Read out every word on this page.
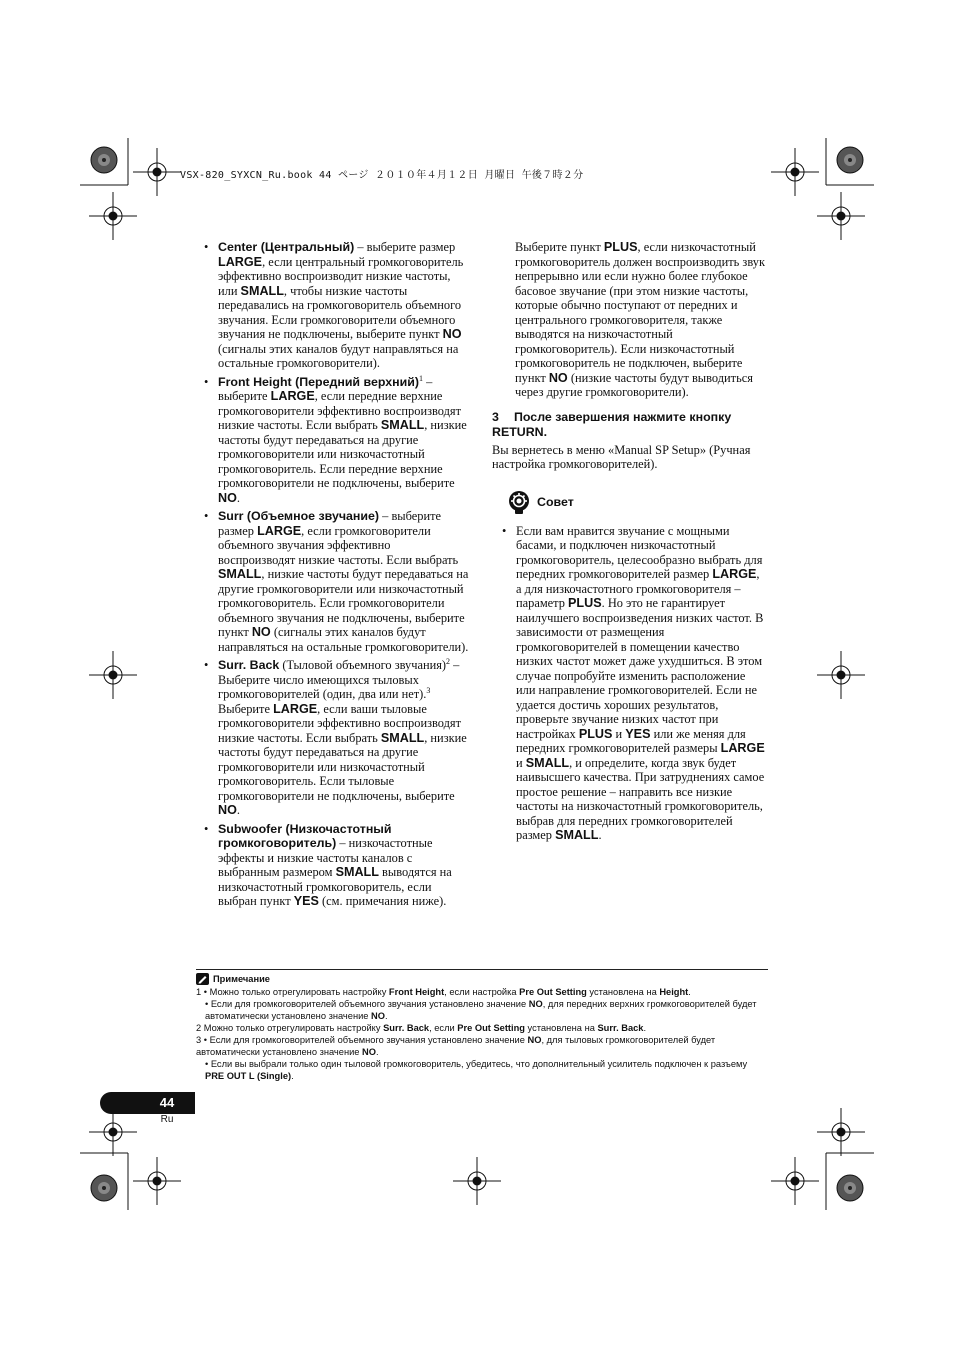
VSX-820_SYXCN_Ru.book 44 ページ ２０１０年４月１２日 月曜日 午後７時２分
• Center (Центральный) – выберите размер LARGE, если центральный громкоговоритель эффективно воспроизводит низкие частоты, или SMALL, чтобы низкие частоты передавались на громкоговоритель объемного звучания. Если громкоговорители объемного звучания не подключены, выберите пункт NO (сигналы этих каналов будут направляться на остальные громкоговорители).
• Front Height (Передний верхний)$^1$ – выберите LARGE, если передние верхние громкоговорители эффективно воспроизводят низкие частоты. Если выбрать SMALL, низкие частоты будут передаваться на другие громкоговорители или низкочастотный громкоговоритель. Если передние верхние громкоговорители не подключены, выберите NO.
• Surr (Объемное звучание) – выберите размер LARGE, если громкоговорители объемного звучания эффективно воспроизводят низкие частоты. Если выбрать SMALL, низкие частоты будут передаваться на другие громкоговорители или низкочастотный громкоговоритель. Если громкоговорители объемного звучания не подключены, выберите пункт NO (сигналы этих каналов будут направляться на остальные громкоговорители).
• Surr. Back (Тыловой объемного звучания)$^2$ – Выберите число имеющихся тыловых громкоговорителей (один, два или нет).$^3$ Выберите LARGE, если ваши тыловые громкоговорители эффективно воспроизводят низкие частоты. Если выбрать SMALL, низкие частоты будут передаваться на другие громкоговорители или низкочастотный громкоговоритель. Если тыловые громкоговорители не подключены, выберите NO.
• Subwoofer (Низкочастотный громкоговоритель) – низкочастотные эффекты и низкие частоты каналов с выбранным размером SMALL выводятся на низкочастотный громкоговоритель, если выбран пункт YES (см. примечания ниже).

Выберите пункт PLUS, если низкочастотный громкоговоритель должен воспроизводить звук непрерывно или если нужно более глубокое басовое звучание (при этом низкие частоты, которые обычно поступают от передних и центрального громкоговорителя, также выводятся на низкочастотный громкоговоритель). Если низкочастотный громкоговоритель не подключен, выберите пункт NO (низкие частоты будут выводиться через другие громкоговорители).

3 После завершения нажмите кнопку RETURN.

Вы вернетесь в меню «Manual SP Setup» (Ручная настройка громкоговорителей).

Совет
• Если вам нравится звучание с мощными басами, и подключен низкочастотный громкоговоритель, целесообразно выбрать для передних громкоговорителей размер LARGE, а для низкочастотного громкоговорителя – параметр PLUS. Но это не гарантирует наилучшего воспроизведения низких частот. В зависимости от размещения громкоговорителей в помещении качество низких частот может даже ухудшиться. В этом случае попробуйте изменить расположение или направление громкоговорителей. Если не удается достичь хороших результатов, проверьте звучание низких частот при настройках PLUS и YES или же меняя для передних громкоговорителей размеры LARGE и SMALL, и определите, когда звук будет наивысшего качества. При затруднениях самое простое решение – направить все низкие частоты на низкочастотный громкоговоритель, выбрав для передних громкоговорителей размер SMALL.
Примечание

1 • Можно только отрегулировать настройку Front Height, если настройка Pre Out Setting установлена на Height.

• Если для громкоговорителей объемного звучания установлено значение NO, для передних верхних громкоговорителей будет автоматически установлено значение NO.

2 Можно только отрегулировать настройку Surr. Back, если Pre Out Setting установлена на Surr. Back.

3 • Если для громкоговорителей объемного звучания установлено значение NO, для тыловых громкоговорителей будет автоматически установлено значение NO.

• Если вы выбрали только один тыловой громкоговоритель, убедитесь, что дополнительный усилитель подключен к разъему PRE OUT L (Single).

44
Ru
